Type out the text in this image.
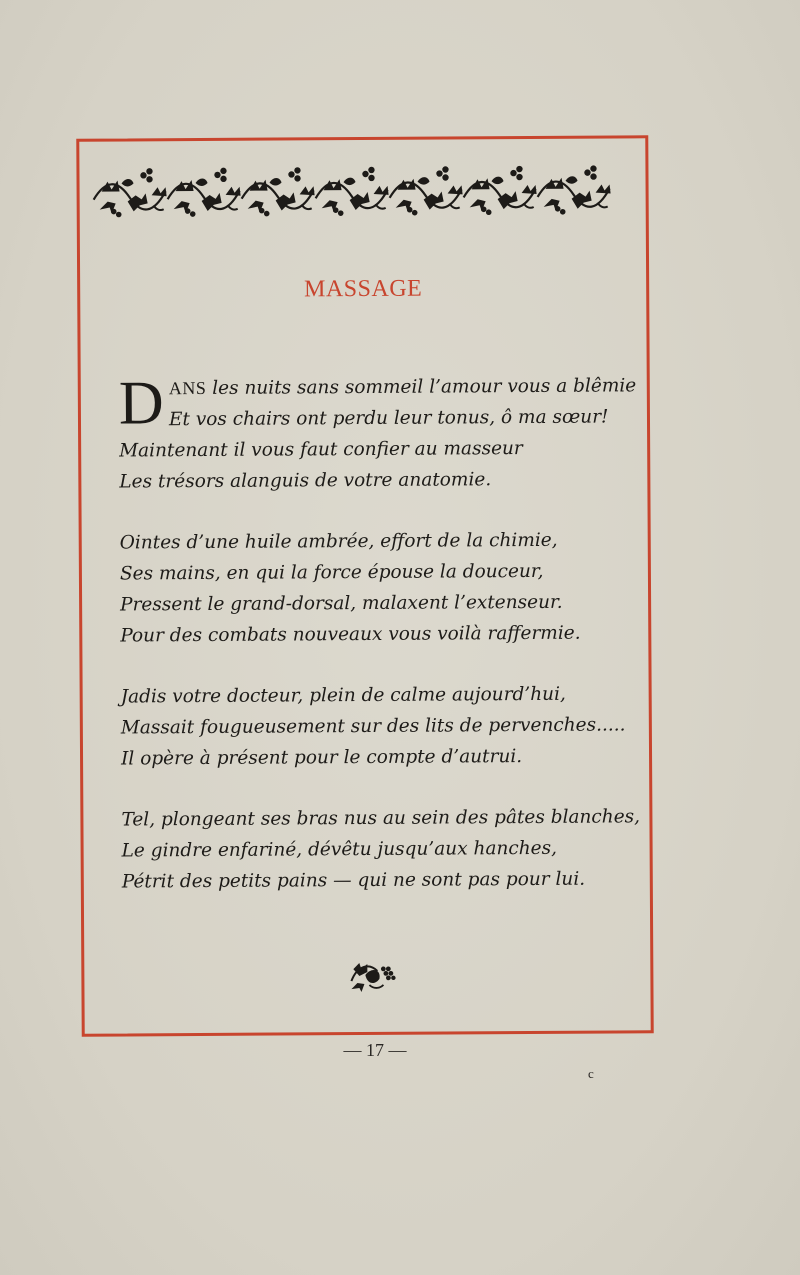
MASSAGE
D ANS les nuits sans sommeil l’amour vous a blêmie
Et vos chairs ont perdu leur tonus, ô ma sœur!
Maintenant il vous faut confier au masseur
Les trésors alanguis de votre anatomie.
Ointes d’une huile ambrée, effort de la chimie,
Ses mains, en qui la force épouse la douceur,
Pressent le grand-dorsal, malaxent l’extenseur.
Pour des combats nouveaux vous voilà raffermie.
Jadis votre docteur, plein de calme aujourd’hui,
Massait fougueusement sur des lits de pervenches.....
Il opère à présent pour le compte d’autrui.
Tel, plongeant ses bras nus au sein des pâtes blanches,
Le gindre enfariné, dévêtu jusqu’aux hanches,
Pétrit des petits pains — qui ne sont pas pour lui.
— 17 —
c
